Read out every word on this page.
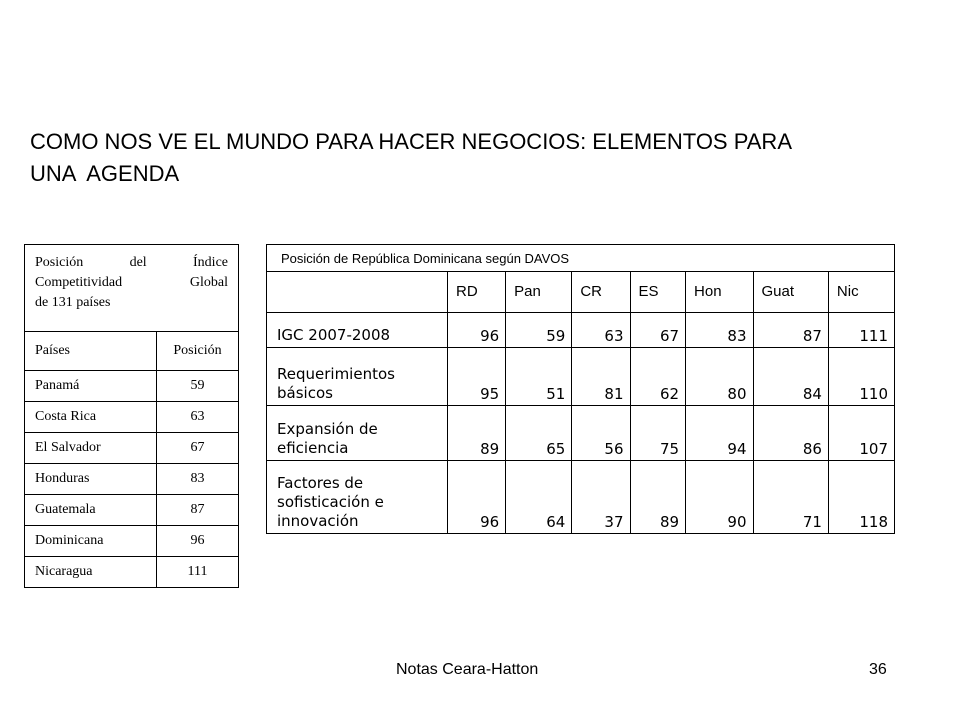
COMO NOS VE EL MUNDO PARA HACER NEGOCIOS: ELEMENTOS PARA
UNA  AGENDA
Posición del Índice
Competitividad Global
de 131 países	

Países	Posición
Panamá	59
Costa Rica	63
El Salvador	67
Honduras	83
Guatemala	87
Dominicana	96
Nicaragua	111
Posición de República Dominicana según DAVOS							
	RD	Pan	CR	ES	Hon	Guat	Nic
IGC 2007-2008	96	59	63	67	83	87	111
Requerimientos básicos	95	51	81	62	80	84	110
Expansión de eficiencia	89	65	56	75	94	86	107
Factores de sofisticación e innovación	96	64	37	89	90	71	118
Notas Ceara-Hatton	36
